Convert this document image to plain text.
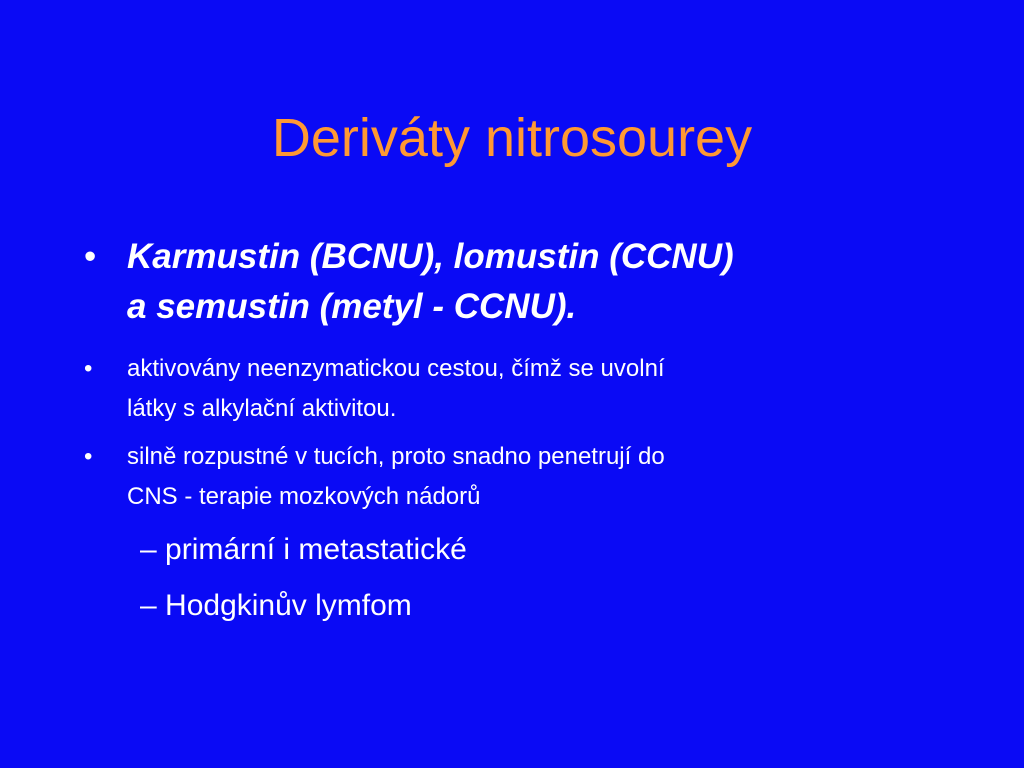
Deriváty nitrosourey
• Karmustin (BCNU), lomustin (CCNU)
a semustin (metyl - CCNU).
• aktivovány neenzymatickou cestou, čímž se uvolní
látky s alkylační aktivitou.
• silně rozpustné v tucích, proto snadno penetrují do
CNS - terapie mozkových nádorů
– primární i metastatické
– Hodgkinův lymfom
